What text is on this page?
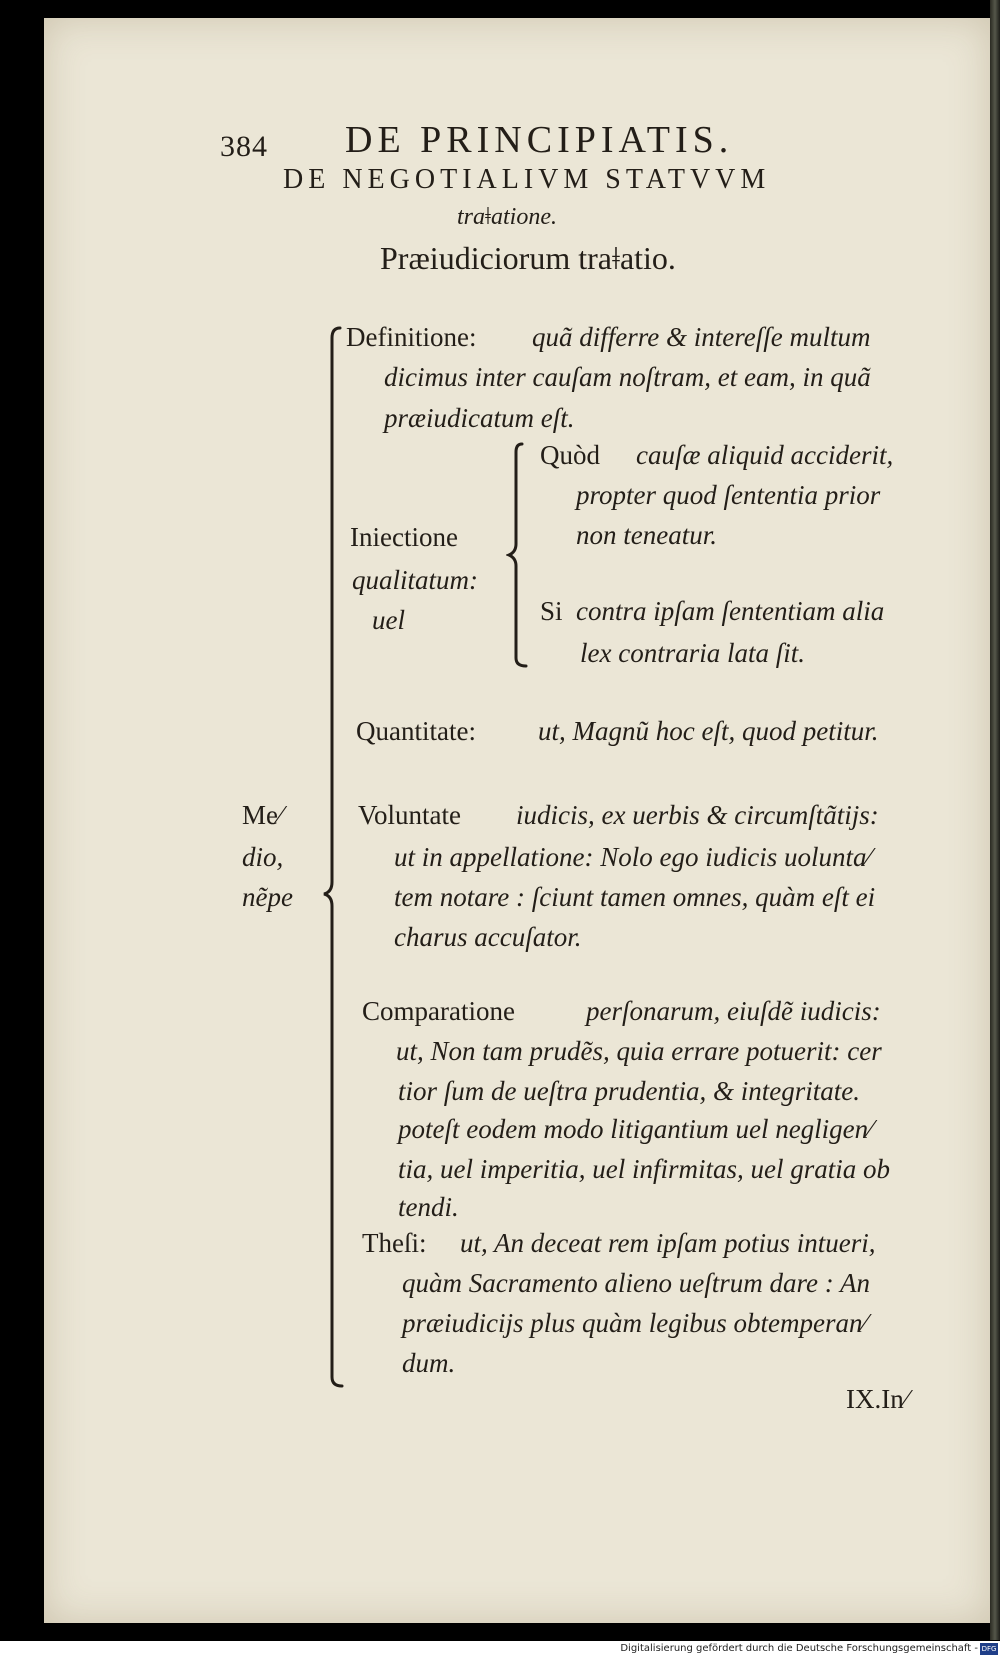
384 DE PRINCIPIATIS.
DE NEGOTIALIVM STATVVM
traǂationе.
Præiudiciorum traǂatio.
Me⁄
dio,
nẽpe
Definitione: quã differre & intereſſe multum
dicimus inter cauſam noſtram, et eam, in quã
præiudicatum eſt.
Iniectione
qualitatum:
uel
Quòd cauſæ aliquid acciderit,
propter quod ſententia prior
non teneatur.
Si contra ipſam ſententiam alia
lex contraria lata ſit.
Quantitate: ut, Magnũ hoc eſt, quod petitur.
Voluntate iudicis, ex uerbis & circumſtãtijs:
ut in appellatione: Nolo ego iudicis uolunta⁄
tem notare : ſciunt tamen omnes, quàm eſt ei
charus accuſator.
Comparatione	perſonarum, eiuſdẽ iudicis:
ut, Non tam prudẽs, quia errare potuerit: cer
tior ſum de ueſtra prudentia, & integritate.
poteſt eodem modo litigantium uel negligen⁄
tia, uel imperitia, uel infirmitas, uel gratia ob
tendi.
Theſi: ut, An deceat rem ipſam potius intueri,
quàm Sacramento alieno ueſtrum dare : An
præiudicijs plus quàm legibus obtemperan⁄
dum.
IX.In⁄
Digitalisierung gefördert durch die Deutsche Forschungsgemeinschaft - DFG
